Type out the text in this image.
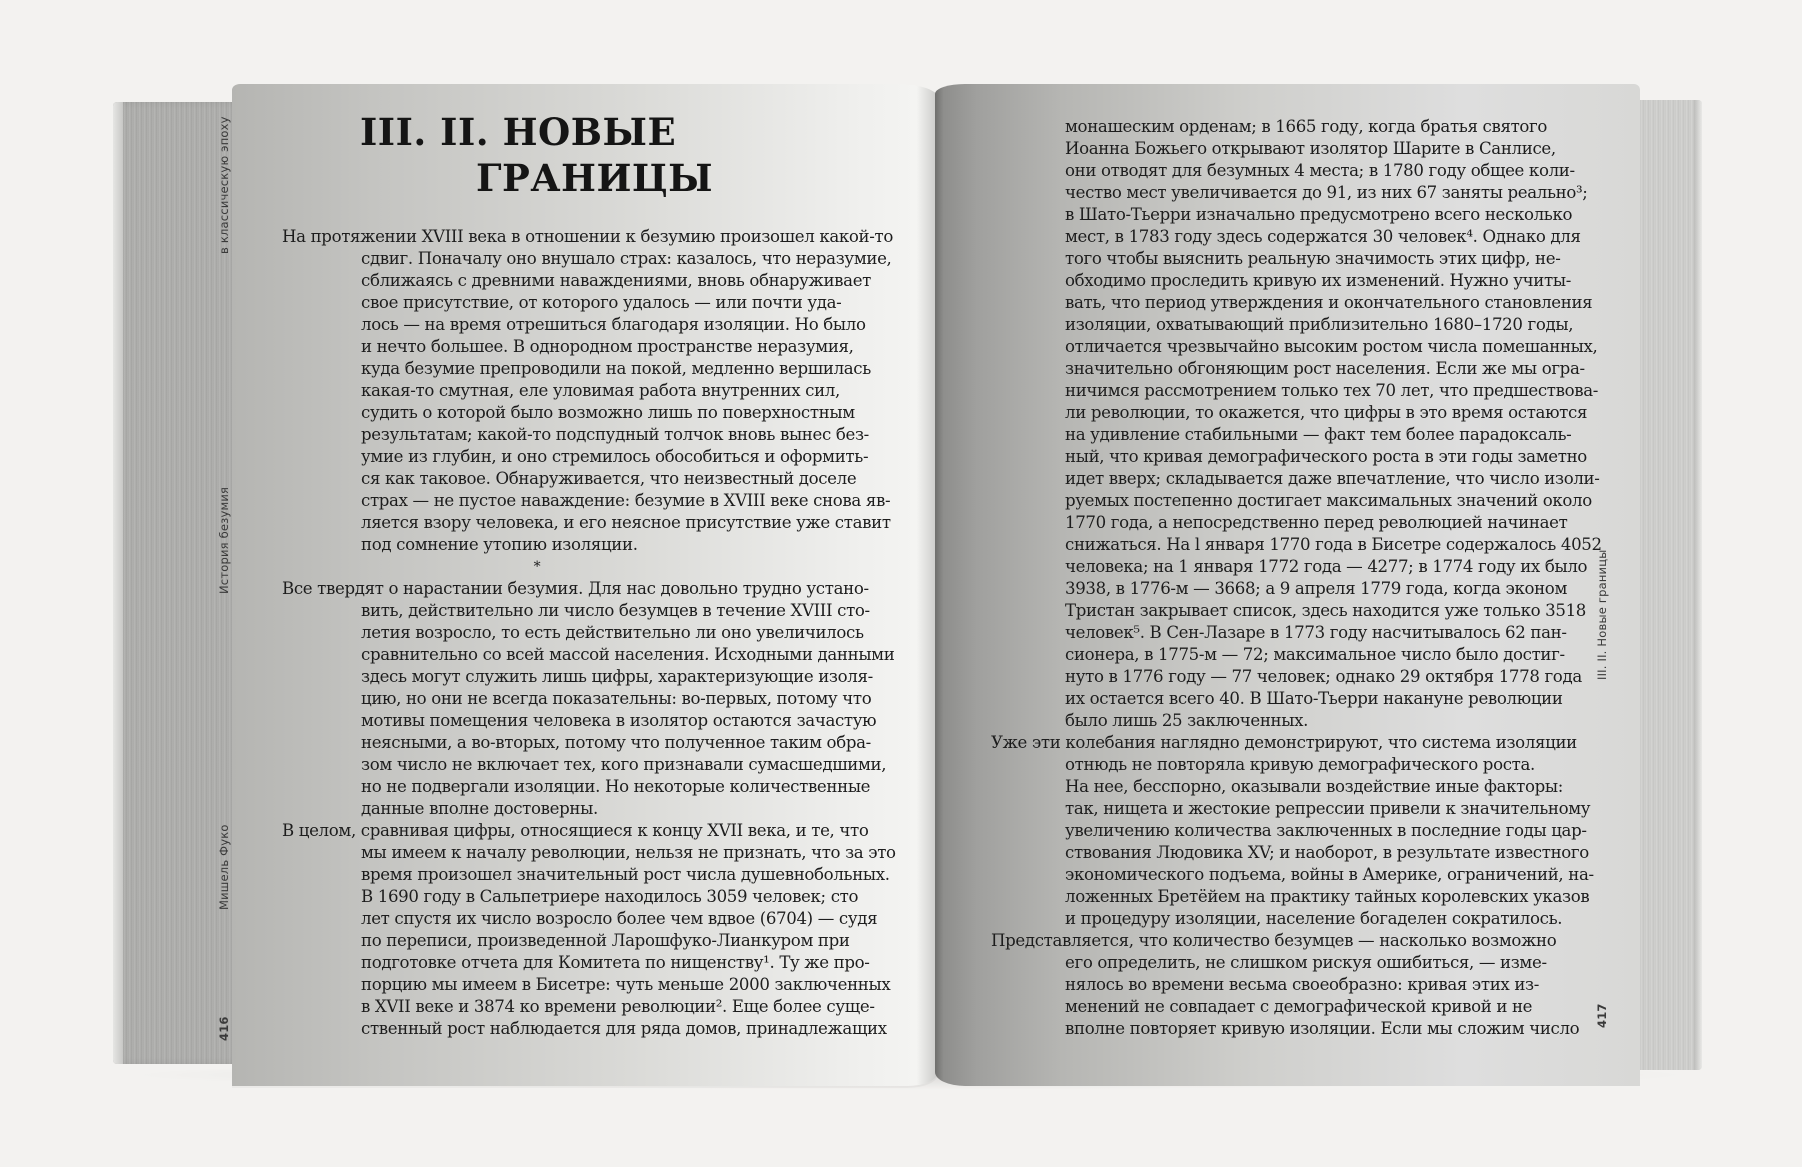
в классическую эпоху
История безумия
Мишель Фуко
416
III. II. НОВЫЕ
ГРАНИЦЫ
На протяжении XVIII века в отношении к безумию произошел какой-то
сдвиг. Поначалу оно внушало страх: казалось, что неразумие,
сближаясь с древними наваждениями, вновь обнаруживает
свое присутствие, от которого удалось — или почти уда-
лось — на время отрешиться благодаря изоляции. Но было
и нечто большее. В однородном пространстве неразумия,
куда безумие препроводили на покой, медленно вершилась
какая-то смутная, еле уловимая работа внутренних сил,
судить о которой было возможно лишь по поверхностным
результатам; какой-то подспудный толчок вновь вынес без-
умие из глубин, и оно стремилось обособиться и оформить-
ся как таковое. Обнаруживается, что неизвестный доселе
страх — не пустое наваждение: безумие в XVIII веке снова яв-
ляется взору человека, и его неясное присутствие уже ставит
под сомнение утопию изоляции.
*
Все твердят о нарастании безумия. Для нас довольно трудно устано-
вить, действительно ли число безумцев в течение XVIII сто-
летия возросло, то есть действительно ли оно увеличилось
сравнительно со всей массой населения. Исходными данными
здесь могут служить лишь цифры, характеризующие изоля-
цию, но они не всегда показательны: во-первых, потому что
мотивы помещения человека в изолятор остаются зачастую
неясными, а во-вторых, потому что полученное таким обра-
зом число не включает тех, кого признавали сумасшедшими,
но не подвергали изоляции. Но некоторые количественные
данные вполне достоверны.
В целом, сравнивая цифры, относящиеся к концу XVII века, и те, что
мы имеем к началу революции, нельзя не признать, что за это
время произошел значительный рост числа душевнобольных.
В 1690 году в Сальпетриере находилось 3059 человек; сто
лет спустя их число возросло более чем вдвое (6704) — судя
по переписи, произведенной Ларошфуко-Лианкуром при
подготовке отчета для Комитета по нищенству¹. Ту же про-
порцию мы имеем в Бисетре: чуть меньше 2000 заключенных
в XVII веке и 3874 ко времени революции². Еще более суще-
ственный рост наблюдается для ряда домов, принадлежащих
монашеским орденам; в 1665 году, когда братья святого
Иоанна Божьего открывают изолятор Шарите в Санлисе,
они отводят для безумных 4 места; в 1780 году общее коли-
чество мест увеличивается до 91, из них 67 заняты реально³;
в Шато-Тьерри изначально предусмотрено всего несколько
мест, в 1783 году здесь содержатся 30 человек⁴. Однако для
того чтобы выяснить реальную значимость этих цифр, не-
обходимо проследить кривую их изменений. Нужно учиты-
вать, что период утверждения и окончательного становления
изоляции, охватывающий приблизительно 1680–1720 годы,
отличается чрезвычайно высоким ростом числа помешанных,
значительно обгоняющим рост населения. Если же мы огра-
ничимся рассмотрением только тех 70 лет, что предшествова-
ли революции, то окажется, что цифры в это время остаются
на удивление стабильными — факт тем более парадоксаль-
ный, что кривая демографического роста в эти годы заметно
идет вверх; складывается даже впечатление, что число изоли-
руемых постепенно достигает максимальных значений около
1770 года, а непосредственно перед революцией начинает
снижаться. На l января 1770 года в Бисетре содержалось 4052
человека; на 1 января 1772 года — 4277; в 1774 году их было
3938, в 1776-м — 3668; а 9 апреля 1779 года, когда эконом
Тристан закрывает список, здесь находится уже только 3518
человек⁵. В Сен-Лазаре в 1773 году насчитывалось 62 пан-
сионера, в 1775-м — 72; максимальное число было достиг-
нуто в 1776 году — 77 человек; однако 29 октября 1778 года
их остается всего 40. В Шато-Тьерри накануне революции
было лишь 25 заключенных.
Уже эти колебания наглядно демонстрируют, что система изоляции
отнюдь не повторяла кривую демографического роста.
На нее, бесспорно, оказывали воздействие иные факторы:
так, нищета и жестокие репрессии привели к значительному
увеличению количества заключенных в последние годы цар-
ствования Людовика XV; и наоборот, в результате известного
экономического подъема, войны в Америке, ограничений, на-
ложенных Бретёйем на практику тайных королевских указов
и процедуру изоляции, население богаделен сократилось.
Представляется, что количество безумцев — насколько возможно
его определить, не слишком рискуя ошибиться, — изме-
нялось во времени весьма своеобразно: кривая этих из-
менений не совпадает с демографической кривой и не
вполне повторяет кривую изоляции. Если мы сложим число
III. II. Новые границы
417
